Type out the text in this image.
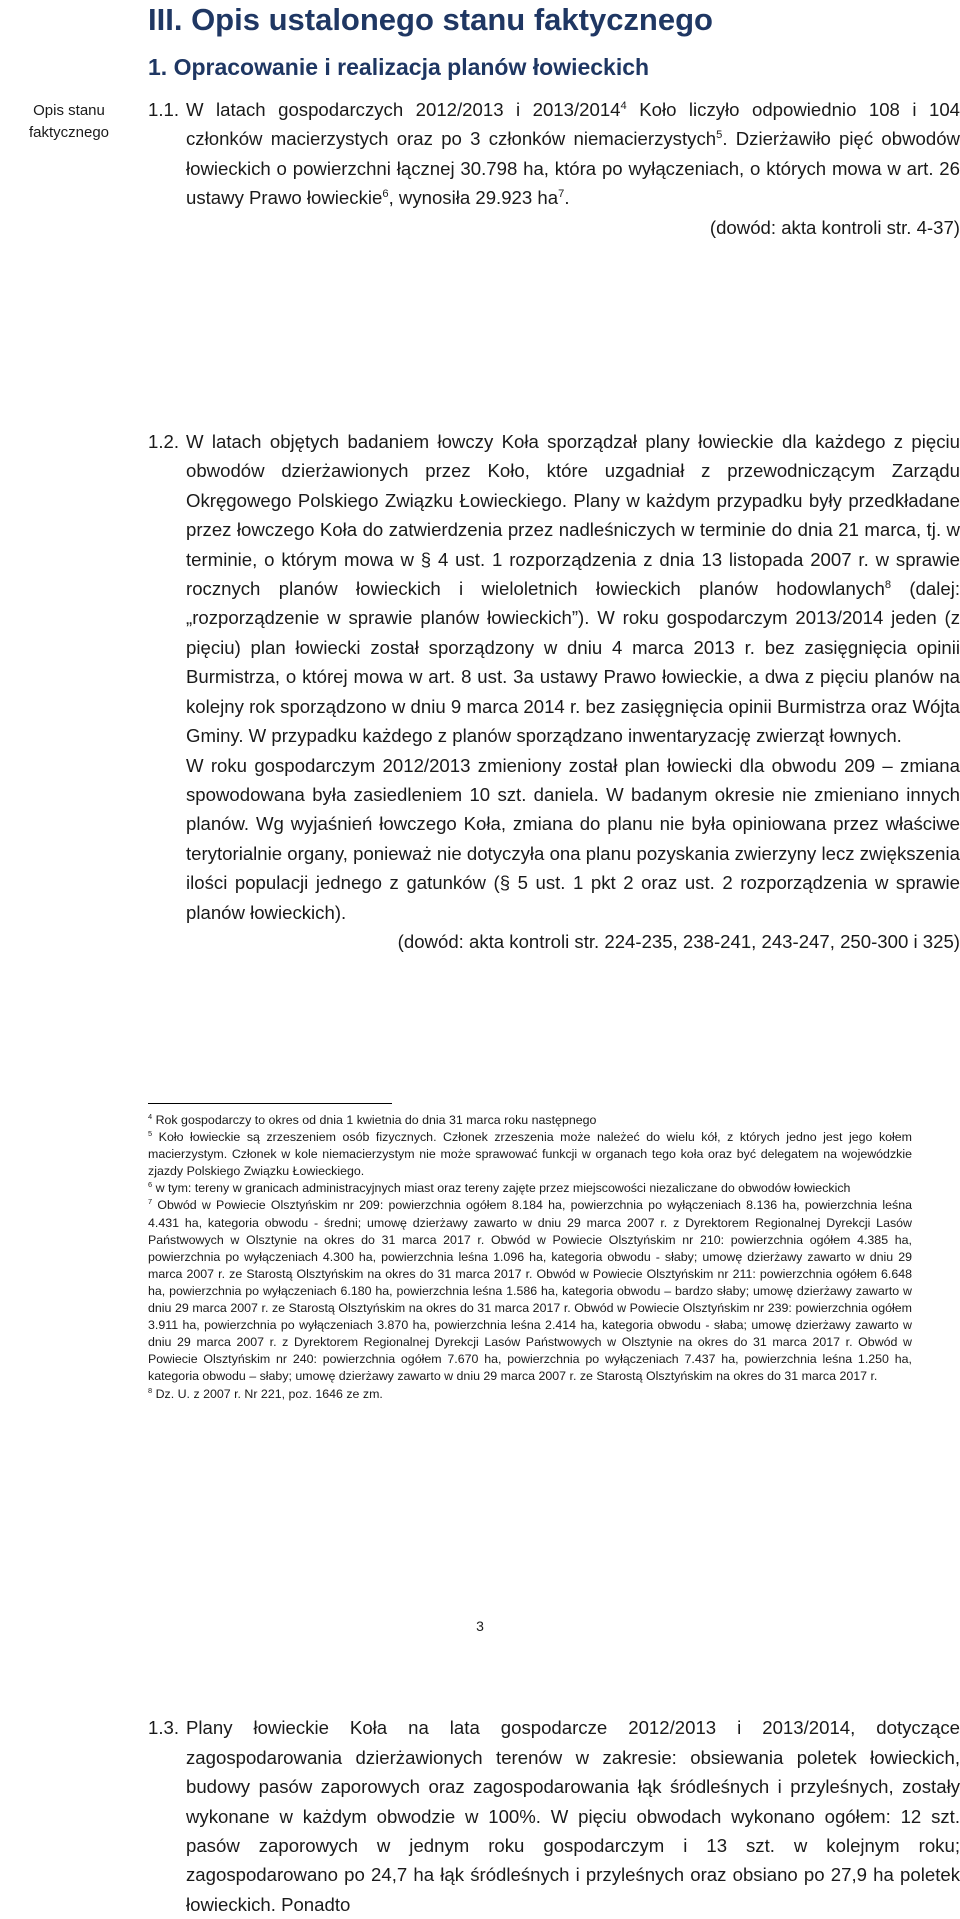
III. Opis ustalonego stanu faktycznego
1. Opracowanie i realizacja planów łowieckich
Opis stanu faktycznego
1.1. W latach gospodarczych 2012/2013 i 2013/2014$^4$ Koło liczyło odpowiednio 108 i 104 członków macierzystych oraz po 3 członków niemacierzystych$^5$. Dzierżawiło pięć obwodów łowieckich o powierzchni łącznej 30.798 ha, która po wyłączeniach, o których mowa w art. 26 ustawy Prawo łowieckie$^6$, wynosiła 29.923 $ha^7$.

(dowód: akta kontroli str. 4-37)

1.2. W latach objętych badaniem łowczy Koła sporządzał plany łowieckie dla każdego z pięciu obwodów dzierżawionych przez Koło, które uzgadniał z przewodniczącym Zarządu Okręgowego Polskiego Związku Łowieckiego. Plany w każdym przypadku były przedkładane przez łowczego Koła do zatwierdzenia przez nadleśniczych w terminie do dnia 21 marca, tj. w terminie, o którym mowa w § 4 ust. 1 rozporządzenia z dnia 13 listopada 2007 r. w sprawie rocznych planów łowieckich i wieloletnich łowieckich planów hodowlanych$^8$ (dalej: „rozporządzenie w sprawie planów łowieckich”). W roku gospodarczym 2013/2014 jeden (z pięciu) plan łowiecki został sporządzony w dniu 4 marca 2013 r. bez zasięgnięcia opinii Burmistrza, o której mowa w art. 8 ust. 3a ustawy Prawo łowieckie, a dwa z pięciu planów na kolejny rok sporządzono w dniu 9 marca 2014 r. bez zasięgnięcia opinii Burmistrza oraz Wójta Gminy. W przypadku każdego z planów sporządzano inwentaryzację zwierząt łownych.

W roku gospodarczym 2012/2013 zmieniony został plan łowiecki dla obwodu 209 – zmiana spowodowana była zasiedleniem 10 szt. daniela. W badanym okresie nie zmieniano innych planów. Wg wyjaśnień łowczego Koła, zmiana do planu nie była opiniowana przez właściwe terytorialnie organy, ponieważ nie dotyczyła ona planu pozyskania zwierzyny lecz zwiększenia ilości populacji jednego z gatunków (§ 5 ust. 1 pkt 2 oraz ust. 2 rozporządzenia w sprawie planów łowieckich).

(dowód: akta kontroli str. 224-235, 238-241, 243-247, 250-300 i 325)

1.3. Plany łowieckie Koła na lata gospodarcze 2012/2013 i 2013/2014, dotyczące zagospodarowania dzierżawionych terenów w zakresie: obsiewania poletek łowieckich, budowy pasów zaporowych oraz zagospodarowania łąk śródleśnych i przyleśnych, zostały wykonane w każdym obwodzie w 100%. W pięciu obwodach wykonano ogółem: 12 szt. pasów zaporowych w jednym roku gospodarczym i 13 szt. w kolejnym roku; zagospodarowano po 24,7 ha łąk śródleśnych i przyleśnych oraz obsiano po 27,9 ha poletek łowieckich. Ponadto

$^4$ Rok gospodarczy to okres od dnia 1 kwietnia do dnia 31 marca roku następnego

$^5$ Koło łowieckie są zrzeszeniem osób fizycznych. Członek zrzeszenia może należeć do wielu kół, z których jedno jest jego kołem macierzystym. Członek w kole niemacierzystym nie może sprawować funkcji w organach tego koła oraz być delegatem na wojewódzkie zjazdy Polskiego Związku Łowieckiego.

$^6$ w tym: tereny w granicach administracyjnych miast oraz tereny zajęte przez miejscowości niezaliczane do obwodów łowieckich

$^7$ Obwód w Powiecie Olsztyńskim nr 209: powierzchnia ogółem 8.184 ha, powierzchnia po wyłączeniach 8.136 ha, powierzchnia leśna 4.431 ha, kategoria obwodu - średni; umowę dzierżawy zawarto w dniu 29 marca 2007 r. z Dyrektorem Regionalnej Dyrekcji Lasów Państwowych w Olsztynie na okres do 31 marca 2017 r. Obwód w Powiecie Olsztyńskim nr 210: powierzchnia ogółem 4.385 ha, powierzchnia po wyłączeniach 4.300 ha, powierzchnia leśna 1.096 ha, kategoria obwodu - słaby; umowę dzierżawy zawarto w dniu 29 marca 2007 r. ze Starostą Olsztyńskim na okres do 31 marca 2017 r. Obwód w Powiecie Olsztyńskim nr 211: powierzchnia ogółem 6.648 ha, powierzchnia po wyłączeniach 6.180 ha, powierzchnia leśna 1.586 ha, kategoria obwodu – bardzo słaby; umowę dzierżawy zawarto w dniu 29 marca 2007 r. ze Starostą Olsztyńskim na okres do 31 marca 2017 r. Obwód w Powiecie Olsztyńskim nr 239: powierzchnia ogółem 3.911 ha, powierzchnia po wyłączeniach 3.870 ha, powierzchnia leśna 2.414 ha, kategoria obwodu - słaba; umowę dzierżawy zawarto w dniu 29 marca 2007 r. z Dyrektorem Regionalnej Dyrekcji Lasów Państwowych w Olsztynie na okres do 31 marca 2017 r. Obwód w Powiecie Olsztyńskim nr 240: powierzchnia ogółem 7.670 ha, powierzchnia po wyłączeniach 7.437 ha, powierzchnia leśna 1.250 ha, kategoria obwodu – słaby; umowę dzierżawy zawarto w dniu 29 marca 2007 r. ze Starostą Olsztyńskim na okres do 31 marca 2017 r.

$^8$ Dz. U. z 2007 r. Nr 221, poz. 1646 ze zm.

3
